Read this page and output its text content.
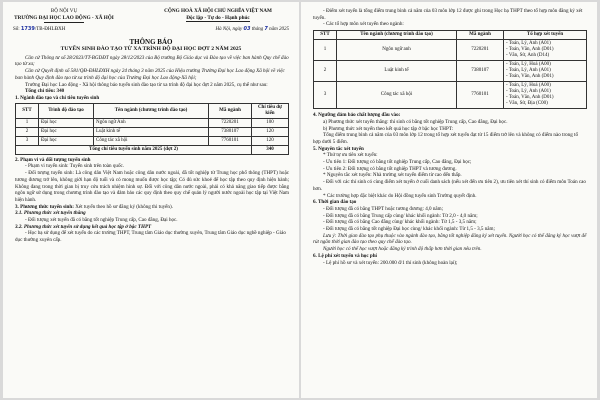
BỘ NỘI VỤ

TRƯỜNG ĐẠI HỌC LAO ĐỘNG - XÃ HỘI

CỘNG HOÀ XÃ HỘI CHỦ NGHĨA VIỆT NAM

Độc lập - Tự do - Hạnh phúc

Số: 1739/TB-ĐHLĐXH	Hà Nội, ngày 03 tháng 7 năm 2025
THÔNG BÁO
TUYỂN SINH ĐÀO TẠO TỪ XA TRÌNH ĐỘ ĐẠI HỌC ĐỢT 2 NĂM 2025

Căn cứ Thông tư số 28/2023/TT-BGDĐT ngày 28/12/2023 của Bộ trưởng Bộ Giáo dục và Đào tạo về việc ban hành Quy chế đào tạo từ xa;

Căn cứ Quyết định số 581/QĐ-ĐHLĐXH ngày 24 tháng 3 năm 2025 của Hiệu trưởng Trường Đại học Lao động Xã hội về việc ban hành Quy định đào tạo từ xa trình độ đại học của Trường Đại học Lao động-Xã hội;

Trường Đại học Lao động - Xã hội thông báo tuyển sinh đào tạo từ xa trình độ đại học đợt 2 năm 2025, cụ thể như sau:

Tổng chỉ tiêu: 340

1. Ngành đào tạo và chỉ tiêu tuyển sinh

STT	Trình độ đào tạo	Tên ngành (chương trình đào tạo)	Mã ngành	Chỉ tiêu dự kiến
1	Đại học	Ngôn ngữ Anh	7220201	100
2	Đại học	Luật kinh tế	7380107	120
3	Đại học	Công tác xã hội	7760101	120
Tổng chỉ tiêu tuyển sinh năm 2025 (đợt 2)				340

2. Phạm vi và đối tượng tuyển sinh

- Phạm vi tuyển sinh: Tuyển sinh trên toàn quốc.

- Đối tượng tuyển sinh: Là công dân Việt Nam hoặc công dân nước ngoài, đã tốt nghiệp từ Trung học phổ thông (THPT) hoặc tương đương trở lên, không giới hạn độ tuổi và có mong muốn được học tập; Có đủ sức khoẻ để học tập theo quy định hiện hành; Không đang trong thời gian bị truy cứu trách nhiệm hình sự. Đối với công dân nước ngoài, phải có khả năng giao tiếp được bằng ngôn ngữ sử dụng trong chương trình đào tạo và đảm bảo các quy định theo quy chế quản lý người nước ngoài học tập tại Việt Nam hiện hành.

3. Phương thức tuyển sinh: Xét tuyển theo hồ sơ đăng ký (không thi tuyển).

3.1. Phương thức xét tuyển thẳng

- Đối tượng xét tuyển đã có bằng tốt nghiệp Trung cấp, Cao đẳng, Đại học.

3.2. Phương thức xét tuyển sử dụng kết quả học tập ở bậc THPT

- Học bạ sử dụng để xét tuyển do các trường THPT, Trung tâm Giáo dục thường xuyên, Trung tâm Giáo dục nghề nghiệp - Giáo dục thường xuyên cấp.

- Điểm xét tuyển là tổng điểm trung bình cả năm của 03 môn lớp 12 được ghi trong Học bạ THPT theo tổ hợp môn đăng ký xét tuyển.

- Các tổ hợp môn xét tuyển theo ngành:

STT	Tên ngành (chương trình đào tạo)	Mã ngành	Tổ hợp xét tuyển
1	Ngôn ngữ anh	7220201	- Toán, Lý, Anh (A01)
- Toán, Văn, Anh (D01)
- Văn, Sử, Anh (D14)

2	Luật kinh tế	7380107	- Toán, Lý, Hoá (A00)
- Toán, Lý, Anh (A01)
- Toán, Văn, Anh (D01)

3	Công tác xã hội	7760101	- Toán, Lý, Hoá (A00)
- Toán, Lý, Anh (A01)
- Toán, Văn, Anh (D01)
- Văn, Sử, Địa (C00)

4. Ngưỡng đảm bảo chất lượng đầu vào:

a) Phương thức xét tuyển thẳng: thí sinh có bằng tốt nghiệp Trung cấp, Cao đẳng, Đại học.

b) Phương thức xét tuyển theo kết quả học tập ở bậc học THPT:

Tổng điểm trung bình cả năm của 03 môn lớp 12 trong tổ hợp xét tuyển đạt từ 15 điểm trở lên và không có điểm nào trong tổ hợp dưới 5 điểm.

5. Nguyên tắc xét tuyển

* Thứ tự ưu tiên xét tuyển:

- Ưu tiên 1: Đối tượng có bằng tốt nghiệp Trung cấp, Cao đẳng, Đại học;

- Ưu tiên 2: Đối tượng có bằng tốt nghiệp THPT và tương đương.

* Nguyên tắc xét tuyển: Nhà trường xét tuyển điểm từ cao đến thấp.

- Đối với các thí sinh có cùng điểm xét tuyển ở cuối danh sách (nếu xét đến ưu tiên 2), ưu tiên xét thí sinh có điểm môn Toán cao hơn.

* Các trường hợp đặc biệt khác do Hội đồng tuyển sinh Trường quyết định.

6. Thời gian đào tạo

- Đối tượng đã có bằng THPT hoặc tương đương: 4,0 năm;

- Đối tượng đã có bằng Trung cấp cùng/ khác khối ngành: Từ 2,0 - 4,0 năm;

- Đối tượng đã có bằng Cao đẳng cùng/ khác khối ngành: Từ 1,5 - 3,5 năm;

- Đối tượng đã có bằng tốt nghiệp Đại học cùng/ khác khối ngành: Từ 1,5 - 3,5 năm;

Lưu ý: Thời gian đào tạo phụ thuộc vào ngành đào tạo, bằng tốt nghiệp đăng ký xét tuyển. Người học có thể đăng ký học vượt để rút ngắn thời gian đào tạo theo quy chế đào tạo.

Người học có thể học vượt hoặc đăng ký trình độ thấp hơn thời gian nêu trên.

6. Lệ phí xét tuyển và học phí

- Lệ phí hồ sơ và xét tuyển: 200.000 đ/1 thí sinh (không hoàn lại);
